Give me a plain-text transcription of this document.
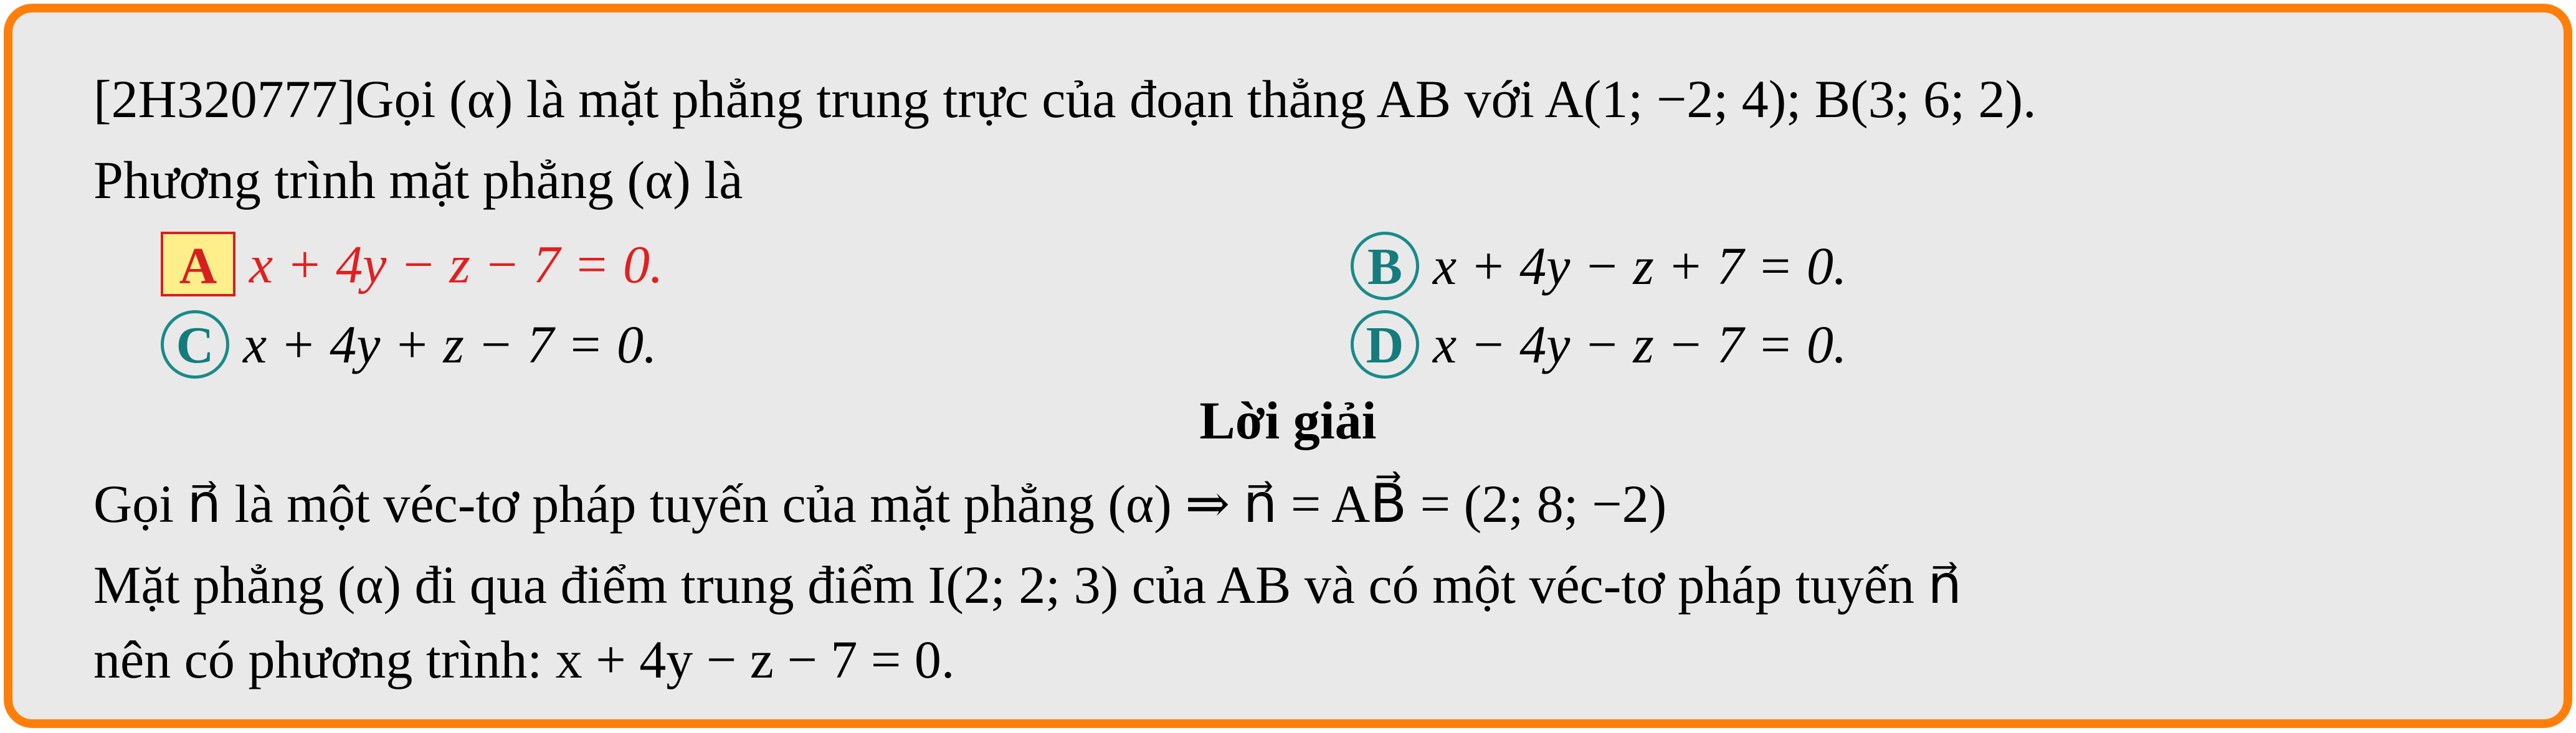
[2H320777]Gọi (α) là mặt phẳng trung trực của đoạn thẳng AB với A(1; −2; 4); B(3; 6; 2).
Phương trình mặt phẳng (α) là
A x + 4y − z − 7 = 0.	B x + 4y − z + 7 = 0.
C x + 4y + z − 7 = 0.	D x − 4y − z − 7 = 0.
Lời giải
Gọi n⃗ là một véc-tơ pháp tuyến của mặt phẳng (α) ⇒ n⃗ = AB⃗ = (2; 8; −2)
Mặt phẳng (α) đi qua điểm trung điểm I(2; 2; 3) của AB và có một véc-tơ pháp tuyến n⃗
nên có phương trình: x + 4y − z − 7 = 0.
